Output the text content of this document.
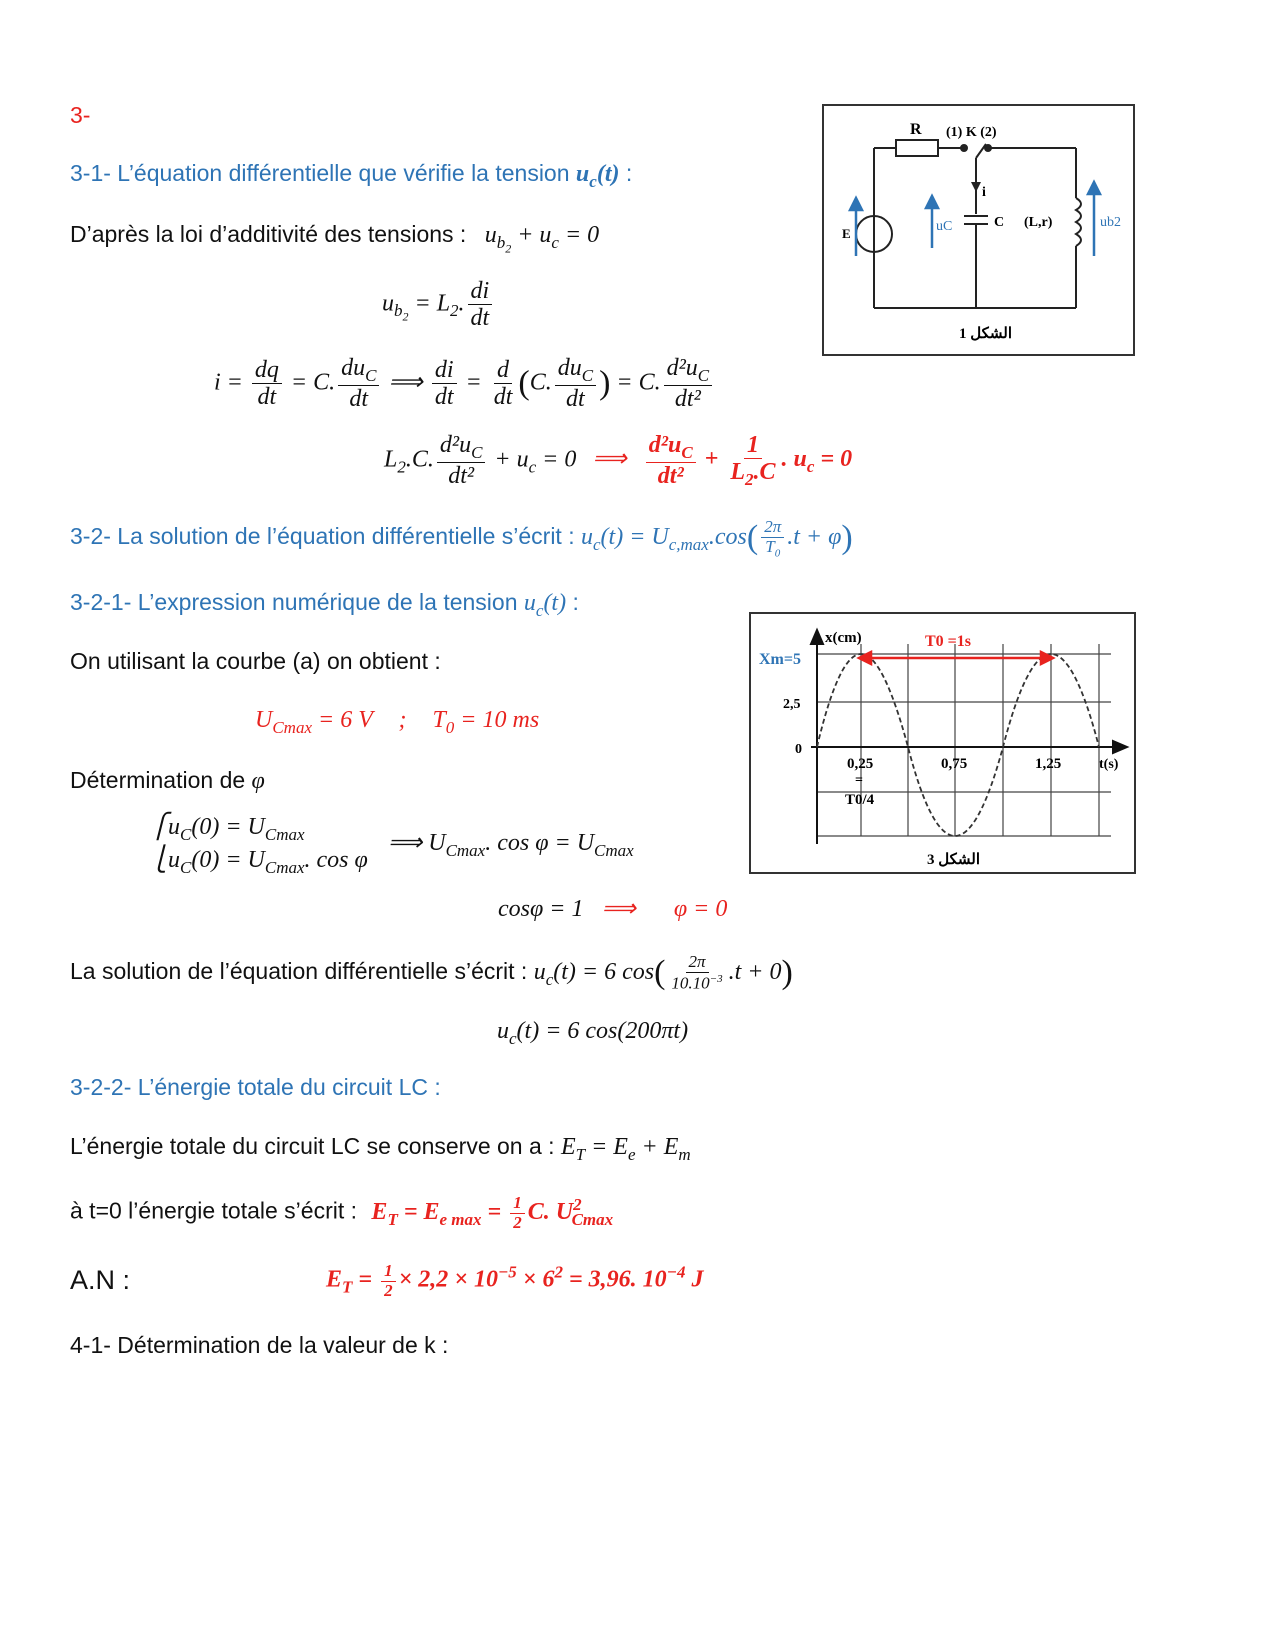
3-
3-1- L’équation différentielle que vérifie la tension $u_c(t)$ :
D’après la loi d’additivité des tensions : $u_{b_2} + u_c = 0$
$u_{b_2} = L_2$. $\frac{di}{dt}$
$i = \frac{dq}{dt} = C$. $\frac{du_C}{dt}$ ⟹ $\frac{di}{dt} = \frac{d}{dt} (C$. $\frac{du_C}{dt}$ ) = C. $\frac{d^2u_C}{\text{dt²}}$
$L_2.C$. $\frac{d^2u_C}{\text{dt²}} + u_c = 0$ ⟹ $\frac{d^2u_C}{\text{dt²}} + \frac{1}{L_2.C}$ . $u_c = 0$
3-2- La solution de l’équation différentielle s’écrit : $u_c(t) = U_{c,max}.\cos( \frac{2\pi}{T_0} .t + \varphi)$
3-2-1- L’expression numérique de la tension $u_c(t)$ :
On utilisant la courbe (a) on obtient :
$U_{Cmax} = 6$ V ; $T_0 = 10$ ms
Détermination de φ
$⎧u_C(0) = U_{Cmax}$
$⎩u_C(0) = U_{Cmax}$. cos φ
⟹ $U_{Cmax}$. $\cos \varphi = U_{Cmax}$
cosφ = 1 ⟹ φ = 0
La solution de l’équation différentielle s’écrit : $u_c(t) = 6$ $\cos( \frac{2\pi}{10.10^{-3}} .t + 0)$
$u_c(t) = 6$ cos(200πt)
3-2-2- L’énergie totale du circuit LC :
L’énergie totale du circuit LC se conserve on a : $E_T = E_e + E_m$
à t=0 l’énergie totale s’écrit : $E_T = E_{e max} = \frac{1}{2} C$. $U^2_{Cmax}$
A.N :	$E_T = \frac{1}{2} \times 2,2 \times 10^{-5} \times 6^2 = 3,96$. $10^{-4}$ J
4-1- Détermination de la valeur de k :
R (1) K (2)
i
C (L,r)
E	uC	ub2
الشكل 1
T0 =1s
x(cm)
Xm=5
2,5
0
0,25	0,75	1,25	t(s)
=
T0/4
الشكل 3
